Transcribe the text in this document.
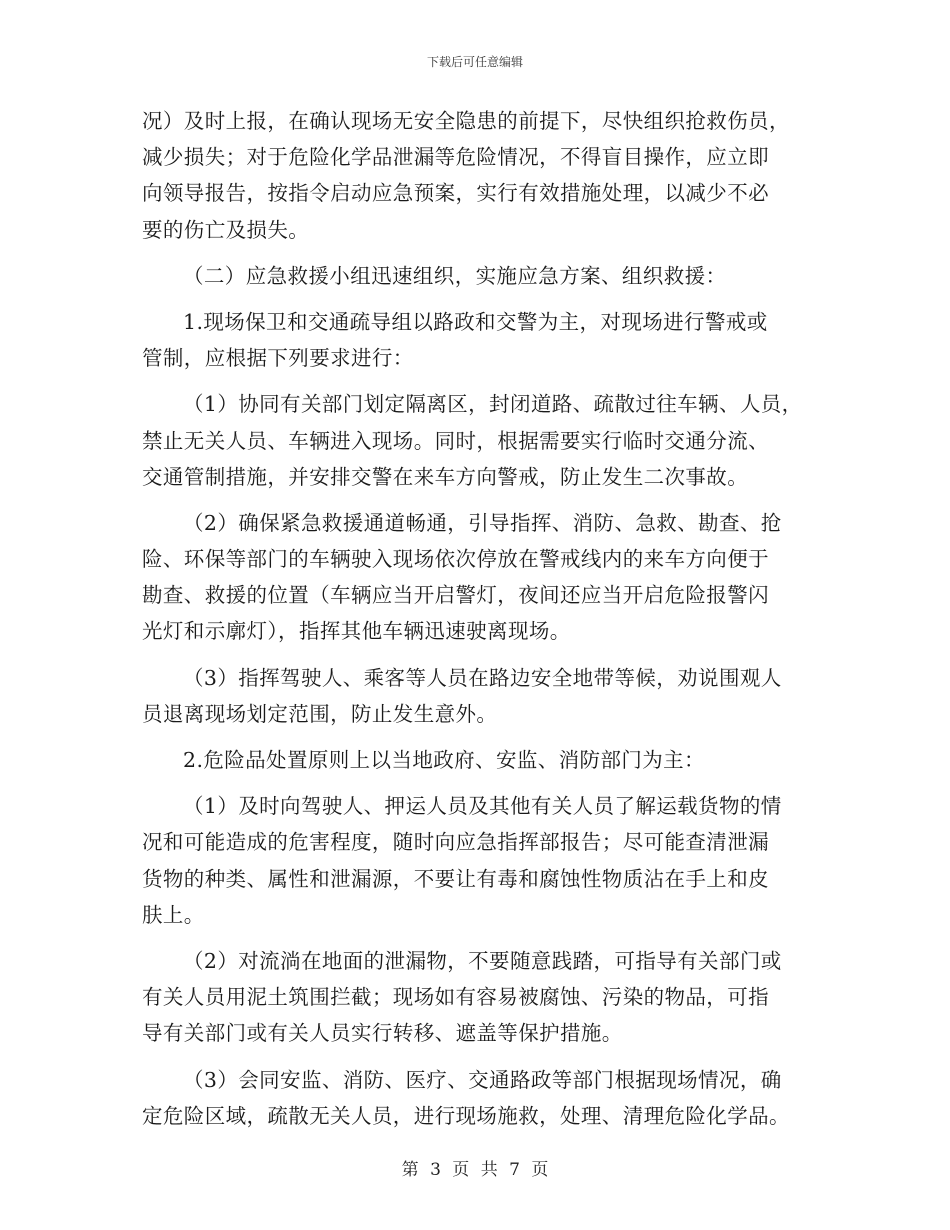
下载后可任意编辑
况）及时上报，在确认现场无安全隐患的前提下，尽快组织抢救伤员，
减少损失；对于危险化学品泄漏等危险情况，不得盲目操作，应立即
向领导报告，按指令启动应急预案，实行有效措施处理，以减少不必
要的伤亡及损失。
（二）应急救援小组迅速组织，实施应急方案、组织救援：
1.现场保卫和交通疏导组以路政和交警为主，对现场进行警戒或
管制，应根据下列要求进行：
（1）协同有关部门划定隔离区，封闭道路、疏散过往车辆、人员，
禁止无关人员、车辆进入现场。同时，根据需要实行临时交通分流、
交通管制措施，并安排交警在来车方向警戒，防止发生二次事故。
（2）确保紧急救援通道畅通，引导指挥、消防、急救、勘查、抢
险、环保等部门的车辆驶入现场依次停放在警戒线内的来车方向便于
勘查、救援的位置（车辆应当开启警灯，夜间还应当开启危险报警闪
光灯和示廓灯），指挥其他车辆迅速驶离现场。
（3）指挥驾驶人、乘客等人员在路边安全地带等候，劝说围观人
员退离现场划定范围，防止发生意外。
2.危险品处置原则上以当地政府、安监、消防部门为主：
（1）及时向驾驶人、押运人员及其他有关人员了解运载货物的情
况和可能造成的危害程度，随时向应急指挥部报告；尽可能查清泄漏
货物的种类、属性和泄漏源，不要让有毒和腐蚀性物质沾在手上和皮
肤上。
（2）对流淌在地面的泄漏物，不要随意践踏，可指导有关部门或
有关人员用泥土筑围拦截；现场如有容易被腐蚀、污染的物品，可指
导有关部门或有关人员实行转移、遮盖等保护措施。
（3）会同安监、消防、医疗、交通路政等部门根据现场情况，确
定危险区域，疏散无关人员，进行现场施救，处理、清理危险化学品。
第 3 页 共 7 页
